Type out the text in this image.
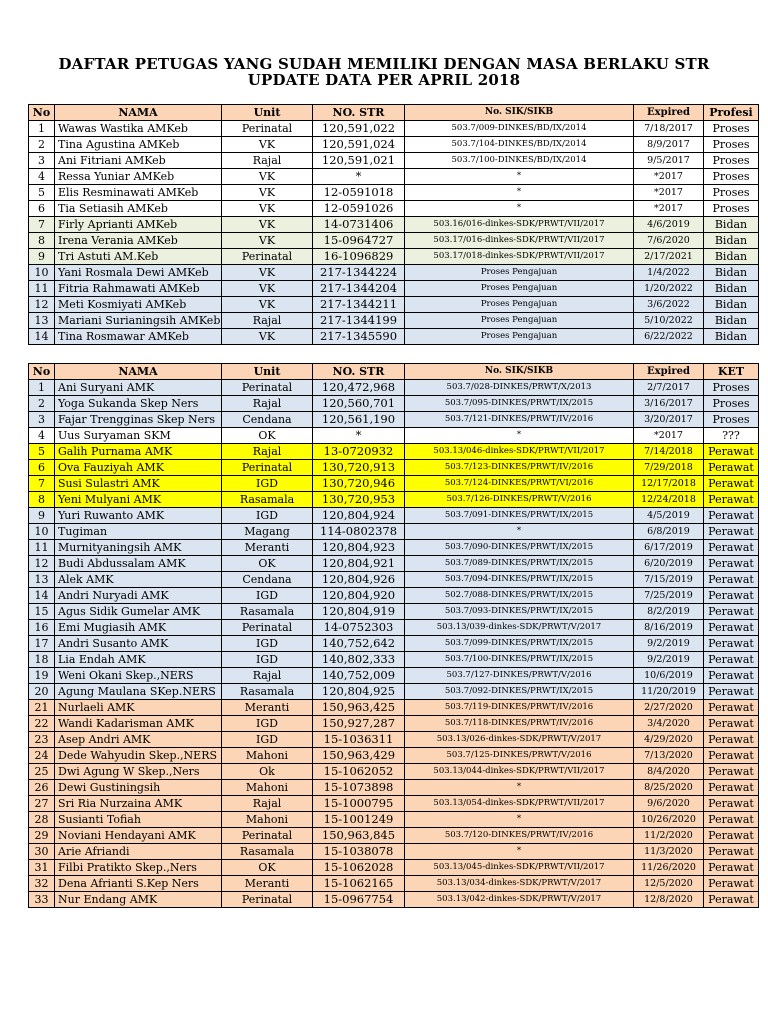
DAFTAR PETUGAS YANG SUDAH MEMILIKI DENGAN MASA BERLAKU STR
UPDATE DATA PER APRIL 2018
No	NAMA	Unit	NO. STR	No. SIK/SIKB	Expired	Profesi
1	Wawas Wastika AMKeb	Perinatal	120,591,022	503.7/009-DINKES/BD/IX/2014	7/18/2017	Proses
2	Tina Agustina AMKeb	VK	120,591,024	503.7/104-DINKES/BD/IX/2014	8/9/2017	Proses
3	Ani Fitriani AMKeb	Rajal	120,591,021	503.7/100-DINKES/BD/IX/2014	9/5/2017	Proses
4	Ressa Yuniar AMKeb	VK	*	*	*2017	Proses
5	Elis Resminawati AMKeb	VK	12-0591018	*	*2017	Proses
6	Tia Setiasih AMKeb	VK	12-0591026	*	*2017	Proses
7	Firly Aprianti AMKeb	VK	14-0731406	503.16/016-dinkes-SDK/PRWT/VII/2017	4/6/2019	Bidan
8	Irena Verania AMKeb	VK	15-0964727	503.17/016-dinkes-SDK/PRWT/VII/2017	7/6/2020	Bidan
9	Tri Astuti AM.Keb	Perinatal	16-1096829	503.17/018-dinkes-SDK/PRWT/VII/2017	2/17/2021	Bidan
10	Yani Rosmala Dewi AMKeb	VK	217-1344224	Proses Pengajuan	1/4/2022	Bidan
11	Fitria Rahmawati AMKeb	VK	217-1344204	Proses Pengajuan	1/20/2022	Bidan
12	Meti Kosmiyati AMKeb	VK	217-1344211	Proses Pengajuan	3/6/2022	Bidan
13	Mariani Surianingsih AMKeb	Rajal	217-1344199	Proses Pengajuan	5/10/2022	Bidan
14	Tina Rosmawar AMKeb	VK	217-1345590	Proses Pengajuan	6/22/2022	Bidan
No	NAMA	Unit	NO. STR	No. SIK/SIKB	Expired	KET
1	Ani Suryani AMK	Perinatal	120,472,968	503.7/028-DINKES/PRWT/X/2013	2/7/2017	Proses
2	Yoga Sukanda Skep Ners	Rajal	120,560,701	503.7/095-DINKES/PRWT/IX/2015	3/16/2017	Proses
3	Fajar Trengginas Skep Ners	Cendana	120,561,190	503.7/121-DINKES/PRWT/IV/2016	3/20/2017	Proses
4	Uus Suryaman SKM	OK	*	*	*2017	???
5	Galih Purnama AMK	Rajal	13-0720932	503.13/046-dinkes-SDK/PRWT/VII/2017	7/14/2018	Perawat
6	Ova Fauziyah AMK	Perinatal	130,720,913	503.7/123-DINKES/PRWT/IV/2016	7/29/2018	Perawat
7	Susi Sulastri AMK	IGD	130,720,946	503.7/124-DINKES/PRWT/VI/2016	12/17/2018	Perawat
8	Yeni Mulyani AMK	Rasamala	130,720,953	503.7/126-DINKES/PRWT/V/2016	12/24/2018	Perawat
9	Yuri Ruwanto AMK	IGD	120,804,924	503.7/091-DINKES/PRWT/IX/2015	4/5/2019	Perawat
10	Tugiman	Magang	114-0802378	*	6/8/2019	Perawat
11	Murnityaningsih AMK	Meranti	120,804,923	503.7/090-DINKES/PRWT/IX/2015	6/17/2019	Perawat
12	Budi Abdussalam AMK	OK	120,804,921	503.7/089-DINKES/PRWT/IX/2015	6/20/2019	Perawat
13	Alek AMK	Cendana	120,804,926	503.7/094-DINKES/PRWT/IX/2015	7/15/2019	Perawat
14	Andri Nuryadi AMK	IGD	120,804,920	502.7/088-DINKES/PRWT/IX/2015	7/25/2019	Perawat
15	Agus Sidik Gumelar AMK	Rasamala	120,804,919	503.7/093-DINKES/PRWT/IX/2015	8/2/2019	Perawat
16	Emi Mugiasih AMK	Perinatal	14-0752303	503.13/039-dinkes-SDK/PRWT/V/2017	8/16/2019	Perawat
17	Andri Susanto AMK	IGD	140,752,642	503.7/099-DINKES/PRWT/IX/2015	9/2/2019	Perawat
18	Lia Endah AMK	IGD	140,802,333	503.7/100-DINKES/PRWT/IX/2015	9/2/2019	Perawat
19	Weni Okani Skep.,NERS	Rajal	140,752,009	503.7/127-DINKES/PRWT/V/2016	10/6/2019	Perawat
20	Agung Maulana SKep.NERS	Rasamala	120,804,925	503.7/092-DINKES/PRWT/IX/2015	11/20/2019	Perawat
21	Nurlaeli AMK	Meranti	150,963,425	503.7/119-DINKES/PRWT/IV/2016	2/27/2020	Perawat
22	Wandi Kadarisman AMK	IGD	150,927,287	503.7/118-DINKES/PRWT/IV/2016	3/4/2020	Perawat
23	Asep Andri AMK	IGD	15-1036311	503.13/026-dinkes-SDK/PRWT/V/2017	4/29/2020	Perawat
24	Dede Wahyudin Skep.,NERS	Mahoni	150,963,429	503.7/125-DINKES/PRWT/V/2016	7/13/2020	Perawat
25	Dwi Agung W Skep.,Ners	Ok	15-1062052	503.13/044-dinkes-SDK/PRWT/VII/2017	8/4/2020	Perawat
26	Dewi Gustiningsih	Mahoni	15-1073898	*	8/25/2020	Perawat
27	Sri Ria Nurzaina AMK	Rajal	15-1000795	503.13/054-dinkes-SDK/PRWT/VII/2017	9/6/2020	Perawat
28	Susianti Tofiah	Mahoni	15-1001249	*	10/26/2020	Perawat
29	Noviani Hendayani AMK	Perinatal	150,963,845	503.7/120-DINKES/PRWT/IV/2016	11/2/2020	Perawat
30	Arie Afriandi	Rasamala	15-1038078	*	11/3/2020	Perawat
31	Filbi Pratikto Skep.,Ners	OK	15-1062028	503.13/045-dinkes-SDK/PRWT/VII/2017	11/26/2020	Perawat
32	Dena Afrianti S.Kep Ners	Meranti	15-1062165	503.13/034-dinkes-SDK/PRWT/V/2017	12/5/2020	Perawat
33	Nur Endang AMK	Perinatal	15-0967754	503.13/042-dinkes-SDK/PRWT/V/2017	12/8/2020	Perawat
